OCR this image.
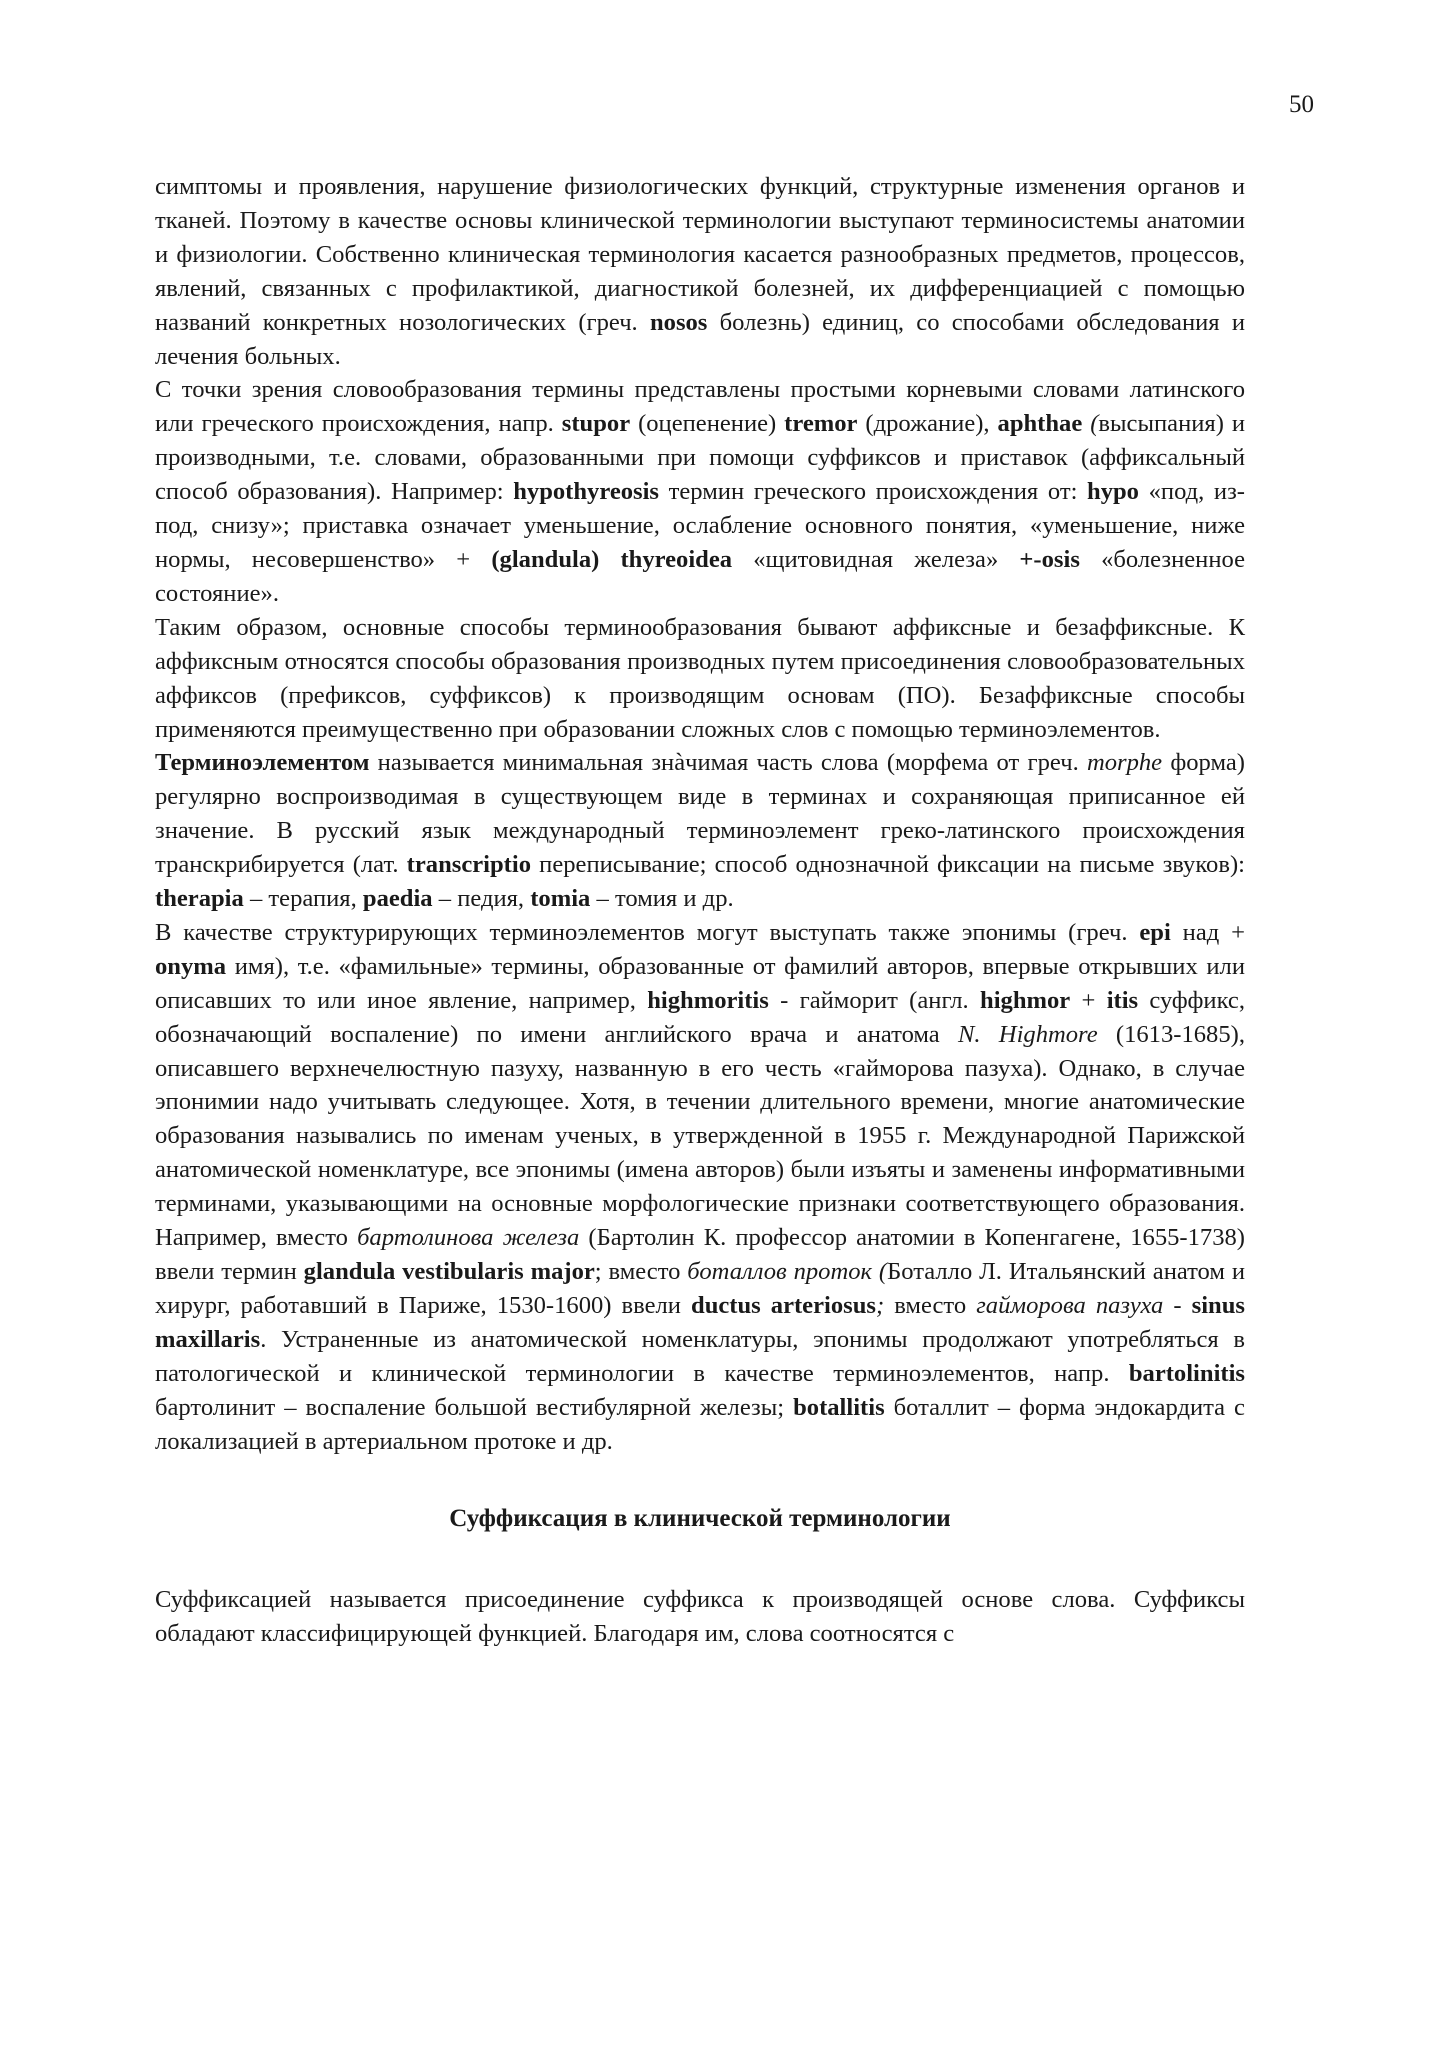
50

симптомы и проявления, нарушение физиологических функций, структурные изменения органов и тканей. Поэтому в качестве основы клинической терминологии выступают терминосистемы анатомии и физиологии. Собственно клиническая терминология касается разнообразных предметов, процессов, явлений, связанных с профилактикой, диагностикой болезней, их дифференциацией с помощью названий конкретных нозологических (греч. nosos болезнь) единиц, со способами обследования и лечения больных.

С точки зрения словообразования термины представлены простыми корневыми словами латинского или греческого происхождения, напр. stupor (оцепенение) tremor (дрожание), aphthae (высыпания) и производными, т.е. словами, образованными при помощи суффиксов и приставок (аффиксальный способ образования). Например: hypothyreosis термин греческого происхождения от: hypo «под, из-под, снизу»; приставка означает уменьшение, ослабление основного понятия, «уменьшение, ниже нормы, несовершенство» + (glandula) thyreoidea «щитовидная железа» +-osis «болезненное состояние».

Таким образом, основные способы терминообразования бывают аффиксные и безаффиксные. К аффиксным относятся способы образования производных путем присоединения словообразовательных аффиксов (префиксов, суффиксов) к производящим основам (ПО). Безаффиксные способы применяются преимущественно при образовании сложных слов с помощью терминоэлементов.

Терминоэлементом называется минимальная знàчимая часть слова (морфема от греч. morphe форма) регулярно воспроизводимая в существующем виде в терминах и сохраняющая приписанное ей значение. В русский язык международный терминоэлемент греко-латинского происхождения транскрибируется (лат. transcriptio переписывание; способ однозначной фиксации на письме звуков): therapia – терапия, paedia – педия, tomia – томия и др.

В качестве структурирующих терминоэлементов могут выступать также эпонимы (греч. epi над + onyma имя), т.е. «фамильные» термины, образованные от фамилий авторов, впервые открывших или описавших то или иное явление, например, highmoritis - гайморит (англ. highmor + itis суффикс, обозначающий воспаление) по имени английского врача и анатома N. Highmore (1613-1685), описавшего верхнечелюстную пазуху, названную в его честь «гайморова пазуха). Однако, в случае эпонимии надо учитывать следующее. Хотя, в течении длительного времени, многие анатомические образования назывались по именам ученых, в утвержденной в 1955 г. Международной Парижской анатомической номенклатуре, все эпонимы (имена авторов) были изъяты и заменены информативными терминами, указывающими на основные морфологические признаки соответствующего образования. Например, вместо бартолинова железа (Бартолин К. профессор анатомии в Копенгагене, 1655-1738) ввели термин glandula vestibularis major; вместо боталлов проток (Боталло Л. Итальянский анатом и хирург, работавший в Париже, 1530-1600) ввели ductus arteriosus; вместо гайморова пазуха - sinus maxillaris. Устраненные из анатомической номенклатуры, эпонимы продолжают употребляться в патологической и клинической терминологии в качестве терминоэлементов, напр. bartolinitis бартолинит – воспаление большой вестибулярной железы; botallitis боталлит – форма эндокардита с локализацией в артериальном протоке и др.

Суффиксация в клинической терминологии

Суффиксацией называется присоединение суффикса к производящей основе слова. Суффиксы обладают классифицирующей функцией. Благодаря им, слова соотносятся с
